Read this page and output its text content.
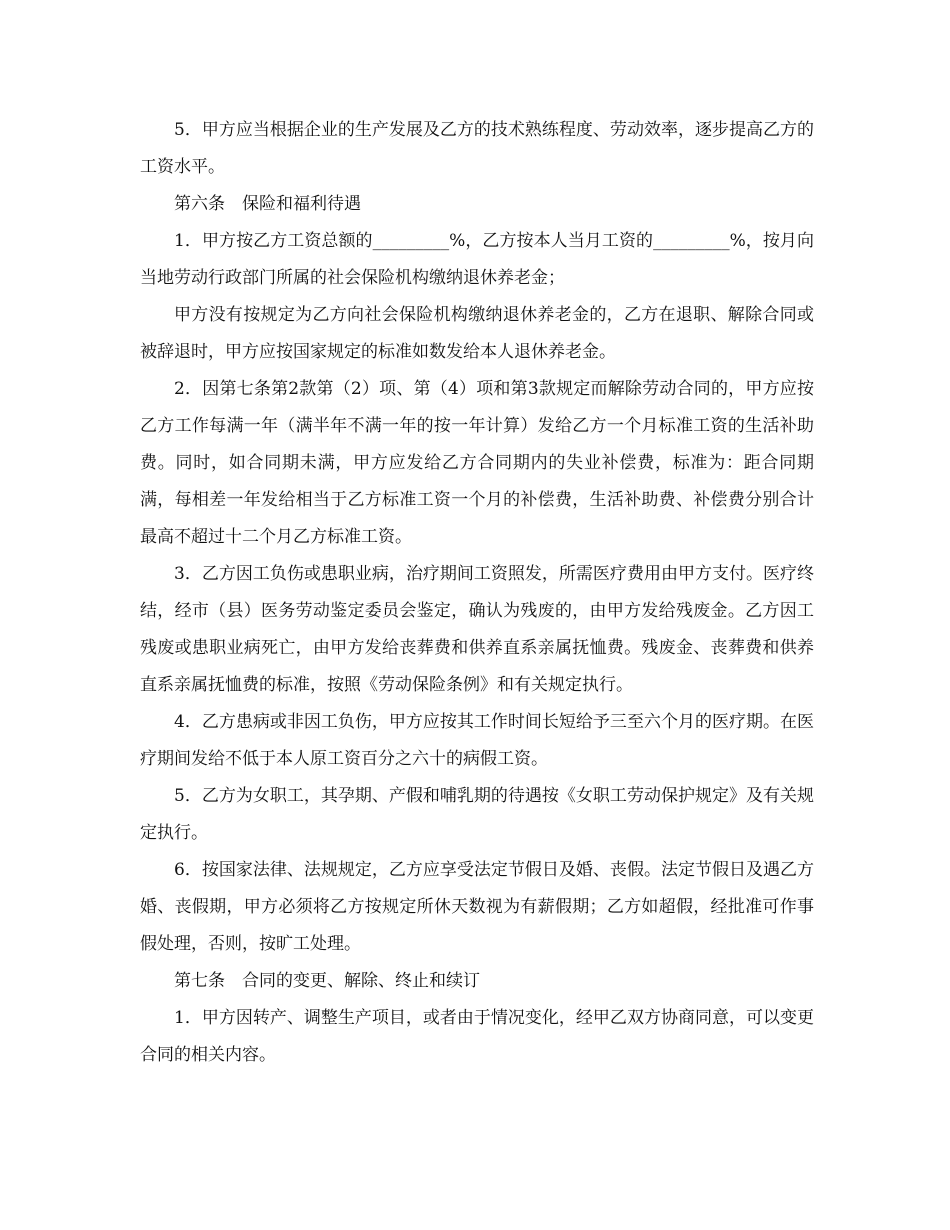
5．甲方应当根据企业的生产发展及乙方的技术熟练程度、劳动效率，逐步提高乙方的工资水平。

第六条　保险和福利待遇

1．甲方按乙方工资总额的_________%，乙方按本人当月工资的_________%，按月向当地劳动行政部门所属的社会保险机构缴纳退休养老金；

甲方没有按规定为乙方向社会保险机构缴纳退休养老金的，乙方在退职、解除合同或被辞退时，甲方应按国家规定的标准如数发给本人退休养老金。

2．因第七条第2款第（2）项、第（4）项和第3款规定而解除劳动合同的，甲方应按乙方工作每满一年（满半年不满一年的按一年计算）发给乙方一个月标准工资的生活补助费。同时，如合同期未满，甲方应发给乙方合同期内的失业补偿费，标准为：距合同期满，每相差一年发给相当于乙方标准工资一个月的补偿费，生活补助费、补偿费分别合计最高不超过十二个月乙方标准工资。

3．乙方因工负伤或患职业病，治疗期间工资照发，所需医疗费用由甲方支付。医疗终结，经市（县）医务劳动鉴定委员会鉴定，确认为残废的，由甲方发给残废金。乙方因工残废或患职业病死亡，由甲方发给丧葬费和供养直系亲属抚恤费。残废金、丧葬费和供养直系亲属抚恤费的标准，按照《劳动保险条例》和有关规定执行。

4．乙方患病或非因工负伤，甲方应按其工作时间长短给予三至六个月的医疗期。在医疗期间发给不低于本人原工资百分之六十的病假工资。

5．乙方为女职工，其孕期、产假和哺乳期的待遇按《女职工劳动保护规定》及有关规定执行。

6．按国家法律、法规规定，乙方应享受法定节假日及婚、丧假。法定节假日及遇乙方婚、丧假期，甲方必须将乙方按规定所休天数视为有薪假期；乙方如超假，经批准可作事假处理，否则，按旷工处理。

第七条　合同的变更、解除、终止和续订

1．甲方因转产、调整生产项目，或者由于情况变化，经甲乙双方协商同意，可以变更合同的相关内容。
